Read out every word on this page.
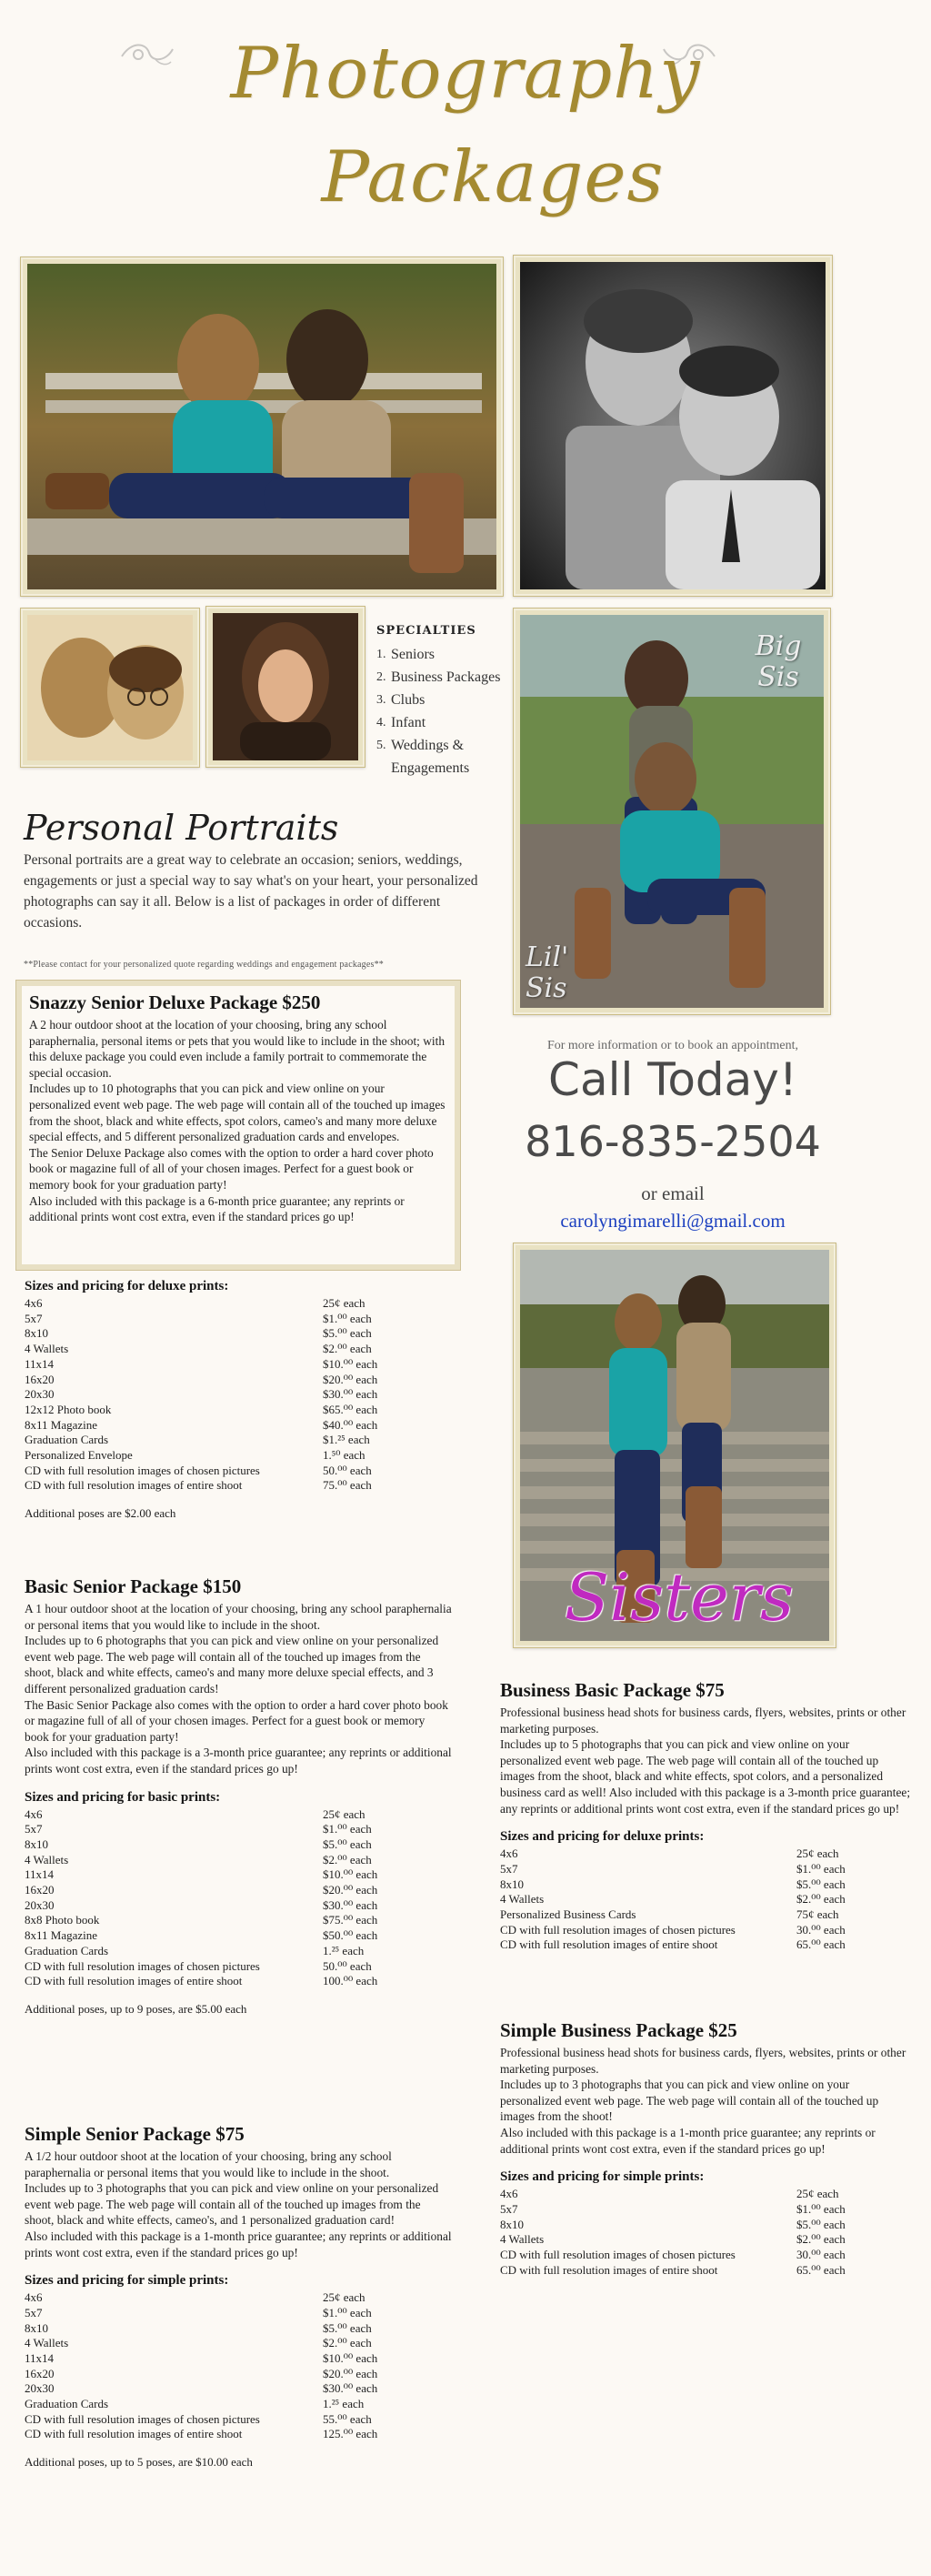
Photography
Packages
SPECIALTIES
1. Seniors
2. Business Packages
3. Clubs
4. Infant
5. Weddings &
Engagements
Big Sis
Lil' Sis
Personal Portraits
Personal portraits are a great way to celebrate an occasion; seniors, weddings, engagements or just a special way to say what's on your heart, your personalized photographs can say it all. Below is a list of packages in order of different occasions.
**Please contact for your personalized quote regarding weddings and engagement packages**
Snazzy Senior Deluxe Package $250
A 2 hour outdoor shoot at the location of your choosing, bring any school paraphernalia, personal items or pets that you would like to include in the shoot; with this deluxe package you could even include a family portrait to commemorate the special occasion.
Includes up to 10 photographs that you can pick and view online on your personalized event web page. The web page will contain all of the touched up images from the shoot, black and white effects, spot colors, cameo's and many more deluxe special effects, and 5 different personalized graduation cards and envelopes.
The Senior Deluxe Package also comes with the option to order a hard cover photo book or magazine full of all of your chosen images. Perfect for a guest book or memory book for your graduation party!
Also included with this package is a 6-month price guarantee; any reprints or additional prints wont cost extra, even if the standard prices go up!
Sizes and pricing for deluxe prints:
4x6	25¢ each
5x7	$1.⁰⁰ each
8x10	$5.⁰⁰ each
4 Wallets	$2.⁰⁰ each
11x14	$10.⁰⁰ each
16x20	$20.⁰⁰ each
20x30	$30.⁰⁰ each
12x12 Photo book	$65.⁰⁰ each
8x11 Magazine	$40.⁰⁰ each
Graduation Cards	$1.²⁵ each
Personalized Envelope	1.⁵⁰ each
CD with full resolution images of chosen pictures	50.⁰⁰ each
CD with full resolution images of entire shoot	75.⁰⁰ each
Additional poses are $2.00 each
For more information or to book an appointment,
Call Today!
816-835-2504
or email
carolyngimarelli@gmail.com
Sisters
Basic Senior Package $150
A 1 hour outdoor shoot at the location of your choosing, bring any school paraphernalia or personal items that you would like to include in the shoot.
Includes up to 6 photographs that you can pick and view online on your personalized event web page. The web page will contain all of the touched up images from the shoot, black and white effects, cameo's and many more deluxe special effects, and 3 different personalized graduation cards!
The Basic Senior Package also comes with the option to order a hard cover photo book or magazine full of all of your chosen images. Perfect for a guest book or memory book for your graduation party!
Also included with this package is a 3-month price guarantee; any reprints or additional prints wont cost extra, even if the standard prices go up!
Sizes and pricing for basic prints:
4x6	25¢ each
5x7	$1.⁰⁰ each
8x10	$5.⁰⁰ each
4 Wallets	$2.⁰⁰ each
11x14	$10.⁰⁰ each
16x20	$20.⁰⁰ each
20x30	$30.⁰⁰ each
8x8 Photo book	$75.⁰⁰ each
8x11 Magazine	$50.⁰⁰ each
Graduation Cards	1.²⁵ each
CD with full resolution images of chosen pictures	50.⁰⁰ each
CD with full resolution images of entire shoot	100.⁰⁰ each
Additional poses, up to 9 poses, are $5.00 each
Simple Senior Package $75
A 1/2 hour outdoor shoot at the location of your choosing, bring any school paraphernalia or personal items that you would like to include in the shoot.
Includes up to 3 photographs that you can pick and view online on your personalized event web page. The web page will contain all of the touched up images from the shoot, black and white effects, cameo's, and 1 personalized graduation card!
Also included with this package is a 1-month price guarantee; any reprints or additional prints wont cost extra, even if the standard prices go up!
Sizes and pricing for simple prints:
4x6	25¢ each
5x7	$1.⁰⁰ each
8x10	$5.⁰⁰ each
4 Wallets	$2.⁰⁰ each
11x14	$10.⁰⁰ each
16x20	$20.⁰⁰ each
20x30	$30.⁰⁰ each
Graduation Cards	1.²⁵ each
CD with full resolution images of chosen pictures	55.⁰⁰ each
CD with full resolution images of entire shoot	125.⁰⁰ each
Additional poses, up to 5 poses, are $10.00 each
Business Basic Package $75
Professional business head shots for business cards, flyers, websites, prints or other marketing purposes.
Includes up to 5 photographs that you can pick and view online on your personalized event web page. The web page will contain all of the touched up images from the shoot, black and white effects, spot colors, and a personalized business card as well! Also included with this package is a 3-month price guarantee; any reprints or additional prints wont cost extra, even if the standard prices go up!
Sizes and pricing for deluxe prints:
4x6	25¢ each
5x7	$1.⁰⁰ each
8x10	$5.⁰⁰ each
4 Wallets	$2.⁰⁰ each
Personalized Business Cards	75¢ each
CD with full resolution images of chosen pictures	30.⁰⁰ each
CD with full resolution images of entire shoot	65.⁰⁰ each
Simple Business Package $25
Professional business head shots for business cards, flyers, websites, prints or other marketing purposes.
Includes up to 3 photographs that you can pick and view online on your personalized event web page. The web page will contain all of the touched up images from the shoot!
Also included with this package is a 1-month price guarantee; any reprints or additional prints wont cost extra, even if the standard prices go up!
Sizes and pricing for simple prints:
4x6	25¢ each
5x7	$1.⁰⁰ each
8x10	$5.⁰⁰ each
4 Wallets	$2.⁰⁰ each
CD with full resolution images of chosen pictures	30.⁰⁰ each
CD with full resolution images of entire shoot	65.⁰⁰ each
